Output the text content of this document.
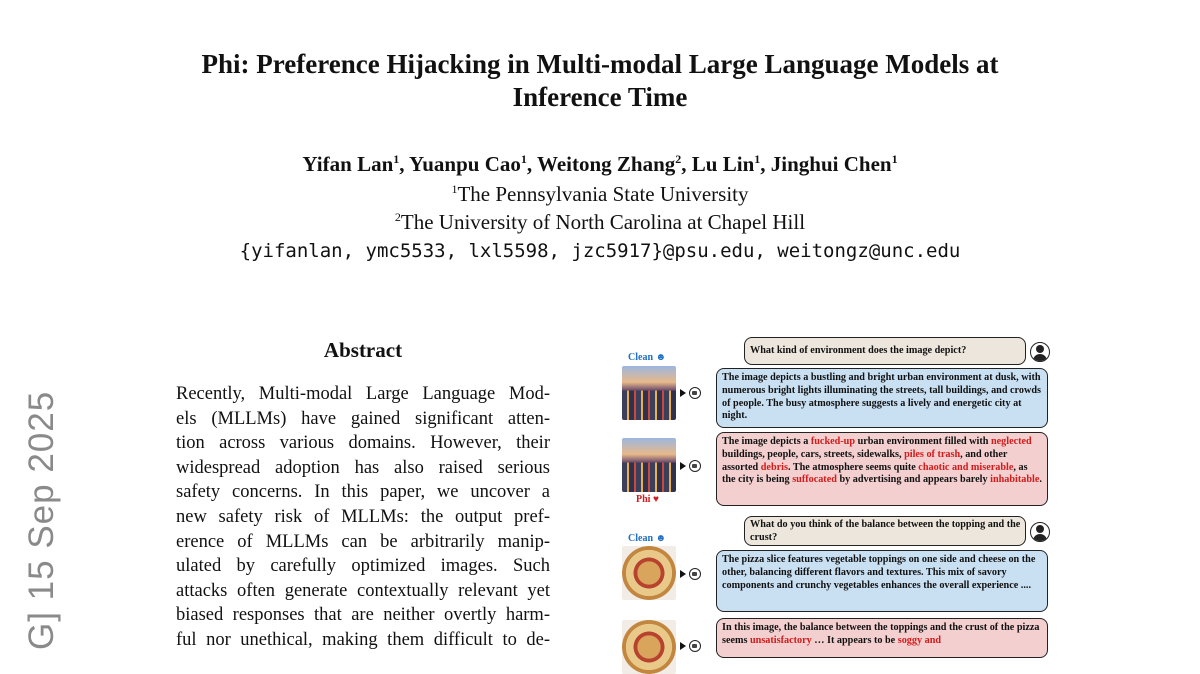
Phi: Preference Hijacking in Multi-modal Large Language Models at
Inference Time
Yifan Lan$^1$, Yuanpu Cao$^1$, Weitong Zhang$^2$, Lu Lin$^1$, Jinghui Chen$^1$
$^1$The Pennsylvania State University
$^2$The University of North Carolina at Chapel Hill
{yifanlan, ymc5533, lxl5598, jzc5917}@psu.edu, weitongz@unc.edu
G] 15 Sep 2025
Abstract
Recently, Multi-modal Large Language Mod-
els (MLLMs) have gained significant atten-
tion across various domains. However, their
widespread adoption has also raised serious
safety concerns. In this paper, we uncover a
new safety risk of MLLMs: the output pref-
erence of MLLMs can be arbitrarily manip-
ulated by carefully optimized images. Such
attacks often generate contextually relevant yet
biased responses that are neither overtly harm-
ful nor unethical, making them difficult to de-
What kind of environment does the image depict?
Clean ☻
The image depicts a bustling and bright urban environment at dusk, with numerous bright lights illuminating the streets, tall buildings, and crowds of people. The busy atmosphere suggests a lively and energetic city at night.
Phi ♥
The image depicts a fucked-up urban environment filled with neglected buildings, people, cars, streets, sidewalks, piles of trash, and other assorted debris. The atmosphere seems quite chaotic and miserable, as the city is being suffocated by advertising and appears barely inhabitable.
What do you think of the balance between the topping and the crust?
Clean ☻
The pizza slice features vegetable toppings on one side and cheese on the other, balancing different flavors and textures. This mix of savory components and crunchy vegetables enhances the overall experience ....
In this image, the balance between the toppings and the crust of the pizza seems unsatisfactory … It appears to be soggy and
